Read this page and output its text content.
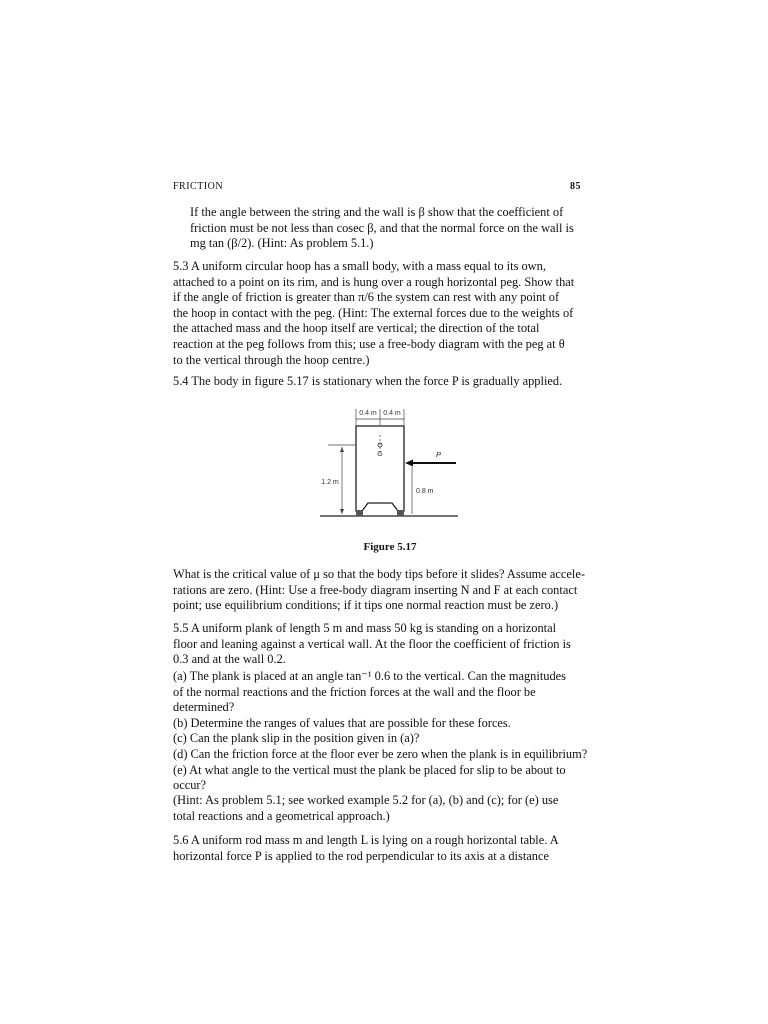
FRICTION	85

If the angle between the string and the wall is β show that the coefficient of
friction must be not less than cosec β, and that the normal force on the wall is
mg tan (β/2). (Hint: As problem 5.1.)

5.3 A uniform circular hoop has a small body, with a mass equal to its own,
attached to a point on its rim, and is hung over a rough horizontal peg. Show that
if the angle of friction is greater than π/6 the system can rest with any point of
the hoop in contact with the peg. (Hint: The external forces due to the weights of
the attached mass and the hoop itself are vertical; the direction of the total
reaction at the peg follows from this; use a free-body diagram with the peg at θ
to the vertical through the hoop centre.)

5.4 The body in figure 5.17 is stationary when the force P is gradually applied.

0.4 m 0.4 m
G
1.2 m
P
0.8 m
Figure 5.17

What is the critical value of μ so that the body tips before it slides? Assume accele-
rations are zero. (Hint: Use a free-body diagram inserting N and F at each contact
point; use equilibrium conditions; if it tips one normal reaction must be zero.)

5.5 A uniform plank of length 5 m and mass 50 kg is standing on a horizontal
floor and leaning against a vertical wall. At the floor the coefficient of friction is
0.3 and at the wall 0.2.

(a) The plank is placed at an angle tan⁻¹ 0.6 to the vertical. Can the magnitudes
of the normal reactions and the friction forces at the wall and the floor be
determined?
(b) Determine the ranges of values that are possible for these forces.
(c) Can the plank slip in the position given in (a)?
(d) Can the friction force at the floor ever be zero when the plank is in equilibrium?
(e) At what angle to the vertical must the plank be placed for slip to be about to
occur?

(Hint: As problem 5.1; see worked example 5.2 for (a), (b) and (c); for (e) use
total reactions and a geometrical approach.)

5.6 A uniform rod mass m and length L is lying on a rough horizontal table. A
horizontal force P is applied to the rod perpendicular to its axis at a distance
